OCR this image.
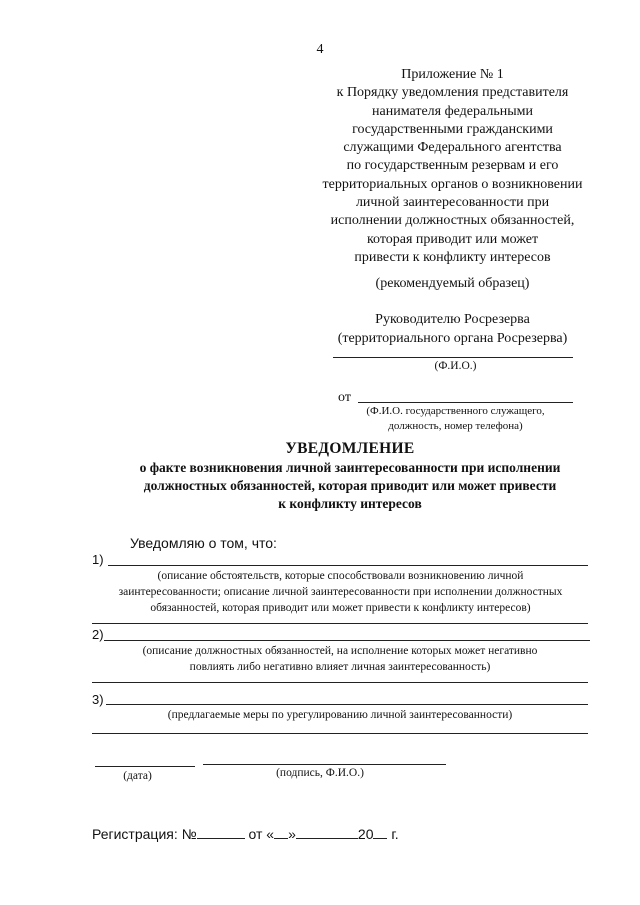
4
Приложение № 1
к Порядку уведомления представителя
нанимателя федеральными
государственными гражданскими
служащими Федерального агентства
по государственным резервам и его
территориальных органов о возникновении
личной заинтересованности при
исполнении должностных обязанностей,
которая приводит или может
привести к конфликту интересов
(рекомендуемый образец)
Руководителю Росрезерва
(территориального органа Росрезерва)
(Ф.И.О.)
от
(Ф.И.О. государственного служащего,
должность, номер телефона)
УВЕДОМЛЕНИЕ
о факте возникновения личной заинтересованности при исполнении
должностных обязанностей, которая приводит или может привести
к конфликту интересов
Уведомляю о том, что:
1)
(описание обстоятельств, которые способствовали возникновению личной
заинтересованности; описание личной заинтересованности при исполнении должностных
обязанностей, которая приводит или может привести к конфликту интересов)
2)
(описание должностных обязанностей, на исполнение которых может негативно
повлиять либо негативно влияет личная заинтересованность)
3)
(предлагаемые меры по урегулированию личной заинтересованности)
(дата)	(подпись, Ф.И.О.)
Регистрация: №	от « »	20 г.
